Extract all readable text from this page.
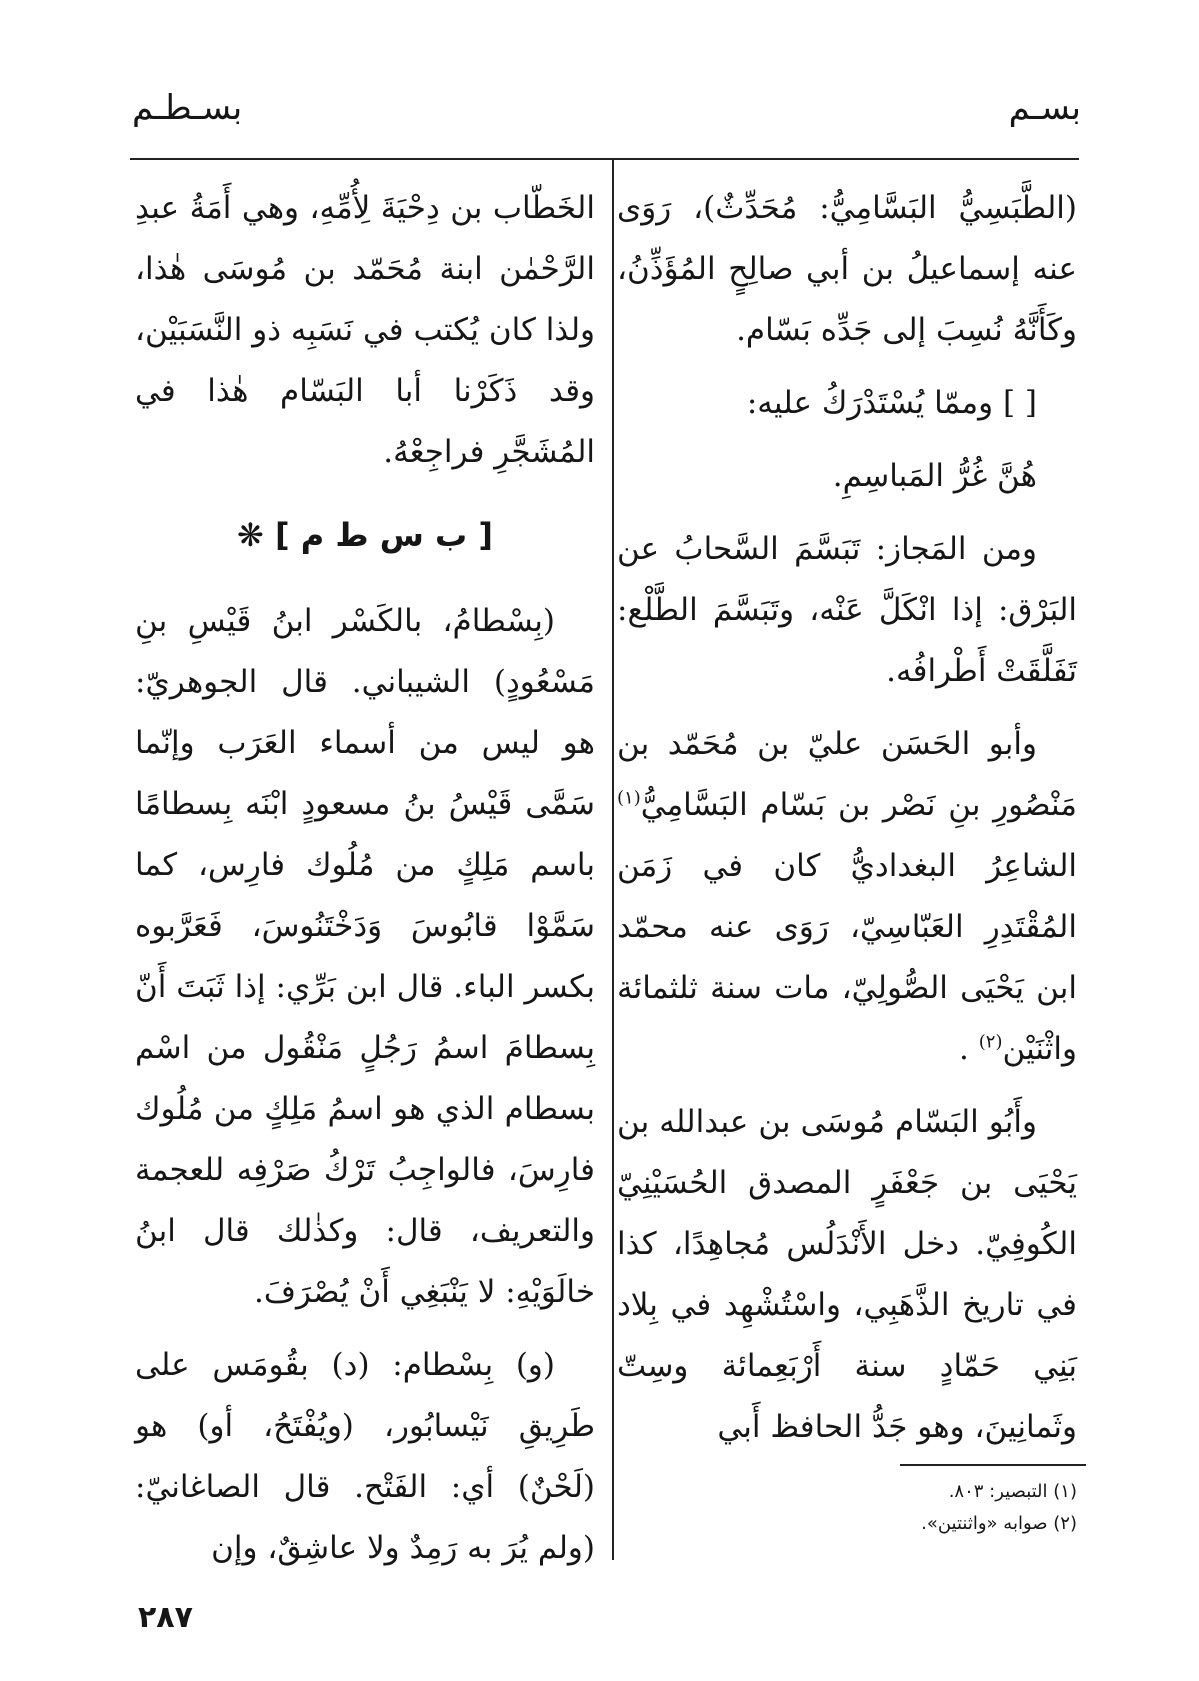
بسـم
بسـطـم

(الطَّبَسِيُّ البَسَّامِيُّ: مُحَدِّثٌ)، رَوَى عنه إسماعيلُ بن أبي صالِحٍ المُؤَذِّنُ، وكَأَنَّهُ نُسِبَ إلى جَدِّه بَسّام.

[ ] وممّا يُسْتَدْرَكُ عليه:

هُنَّ غُرُّ المَباسِمِ.

ومن المَجاز: تَبَسَّمَ السَّحابُ عن البَرْق: إذا انْكَلَّ عَنْه، وتَبَسَّمَ الطَّلْع: تَفَلَّقَتْ أَطْرافُه.

وأبو الحَسَن عليّ بن مُحَمّد بن مَنْصُورِ بنِ نَصْر بن بَسّام البَسَّامِيُّ$^{(١)}$ الشاعِرُ البغداديُّ كان في زَمَن المُقْتَدِرِ العَبّاسِيّ، رَوَى عنه محمّد ابن يَحْيَى الصُّولِيّ، مات سنة ثلثمائة واثْنَيْن$^{(٢)}$ .

وأَبُو البَسّام مُوسَى بن عبدالله بن يَحْيَى بن جَعْفَرٍ المصدق الحُسَيْنِيّ الكُوفِيّ. دخل الأَنْدَلُس مُجاهِدًا، كذا في تاريخ الذَّهَبِي، واسْتُشْهِد في بِلاد بَنِي حَمّادٍ سنة أَرْبَعِمائة وسِتّ وثَمانِينَ، وهو جَدُّ الحافظ أَبي

(١) التبصير: ٨٠٣.
(٢) صوابه «واثنتين».

الخَطّاب بن دِحْيَةَ لِأُمِّهِ، وهي أَمَةُ عبدِ الرَّحْمٰن ابنة مُحَمّد بن مُوسَى هٰذا، ولذا كان يُكتب في نَسَبِه ذو النَّسَبَيْن، وقد ذَكَرْنا أبا البَسّام هٰذا في المُشَجَّرِ فراجِعْهُ.

[ ب س ط م ] ❋

(بِسْطامُ، بالكَسْر ابنُ قَيْسِ بنِ مَسْعُودٍ) الشيباني. قال الجوهريّ: هو ليس من أسماء العَرَب وإنّما سَمَّى قَيْسُ بنُ مسعودٍ ابْنَه بِسطامًا باسم مَلِكٍ من مُلُوك فارِس، كما سَمَّوْا قابُوسَ وَدَخْتَنُوسَ، فَعَرَّبوه بكسر الباء. قال ابن بَرِّي: إذا ثَبَتَ أَنّ بِسطامَ اسمُ رَجُلٍ مَنْقُول من اسْم بسطام الذي هو اسمُ مَلِكٍ من مُلُوك فارِسَ، فالواجِبُ تَرْكُ صَرْفِه للعجمة والتعريف، قال: وكذٰلك قال ابنُ خالَوَيْهِ: لا يَنْبَغِي أَنْ يُصْرَفَ.

(و) بِسْطام: (د) بقُومَس على طَرِيقِ نَيْسابُور، (ويُفْتَحُ، أو) هو (لَحْنٌ) أي: الفَتْح. قال الصاغانيّ: (ولم يُرَ به رَمِدٌ ولا عاشِقٌ، وإن

٢٨٧
